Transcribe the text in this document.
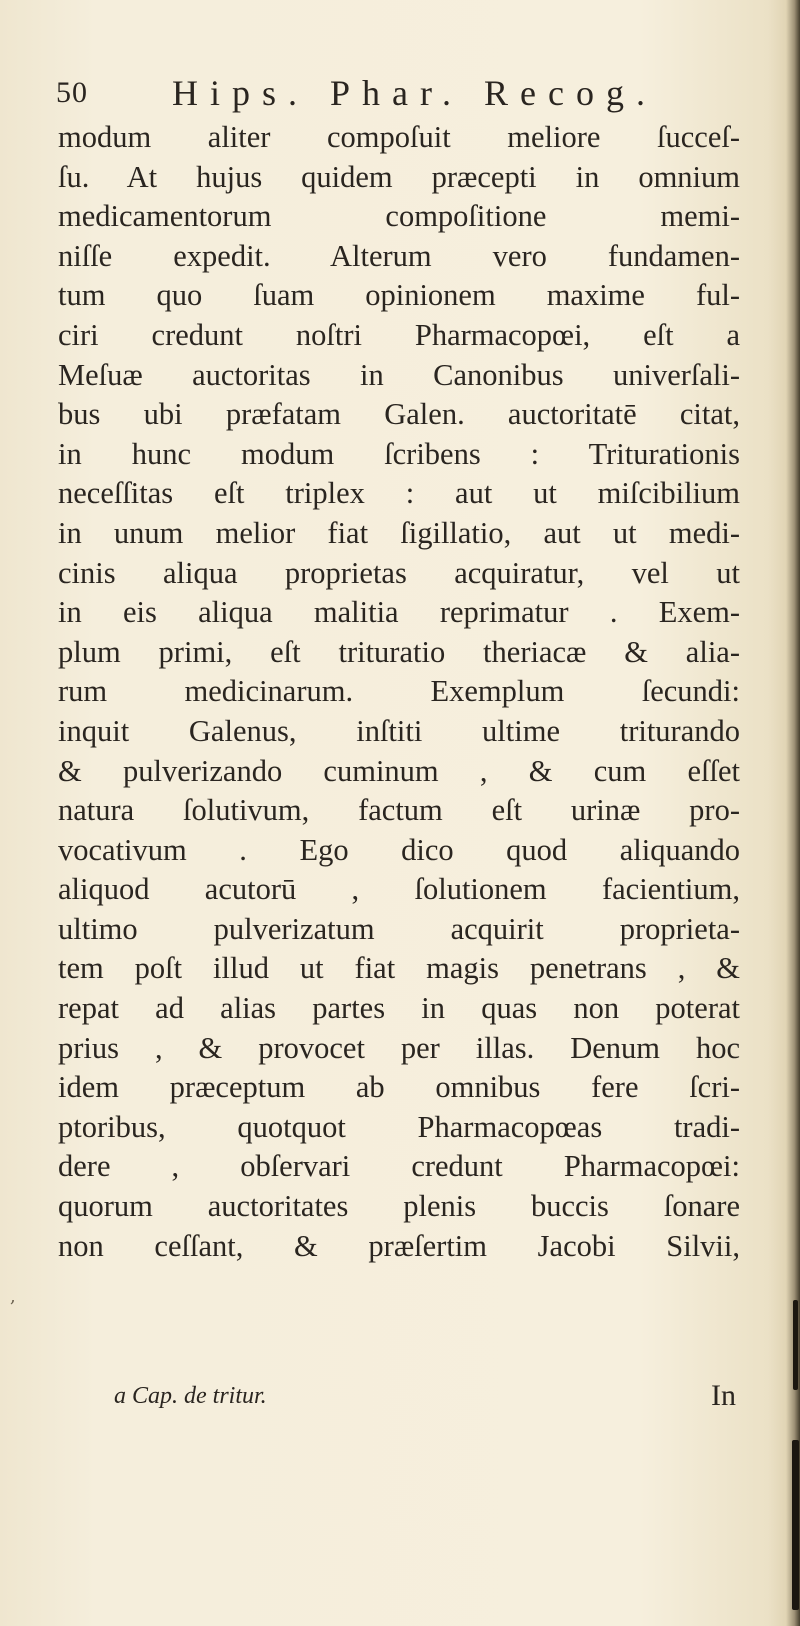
50 Hips. Phar. Recog.
modum aliter compoſuit meliore ſucceſ-
ſu. At hujus quidem præcepti in omnium
medicamentorum compoſitione memi-
niſſe expedit. Alterum vero fundamen-
tum quo ſuam opinionem maxime ful-
ciri credunt noſtri Pharmacopœi, eſt a
Meſuæ auctoritas in Canonibus univerſali-
bus ubi præfatam Galen. auctoritatē citat,
in hunc modum ſcribens : Triturationis
neceſſitas eſt triplex : aut ut miſcibilium
in unum melior fiat ſigillatio, aut ut medi-
cinis aliqua proprietas acquiratur, vel ut
in eis aliqua malitia reprimatur . Exem-
plum primi, eſt trituratio theriacæ & alia-
rum medicinarum. Exemplum ſecundi:
inquit Galenus, inſtiti ultime triturando
& pulverizando cuminum , & cum eſſet
natura ſolutivum, factum eſt urinæ pro-
vocativum . Ego dico quod aliquando
aliquod acutorū , ſolutionem facientium,
ultimo pulverizatum acquirit proprieta-
tem poſt illud ut fiat magis penetrans , &
repat ad alias partes in quas non poterat
prius , & provocet per illas. Denum hoc
idem præceptum ab omnibus fere ſcri-
ptoribus, quotquot Pharmacopœas tradi-
dere , obſervari credunt Pharmacopœi:
quorum auctoritates plenis buccis ſonare
non ceſſant, & præſertim Jacobi Silvii,
a Cap. de tritur.	In
,
